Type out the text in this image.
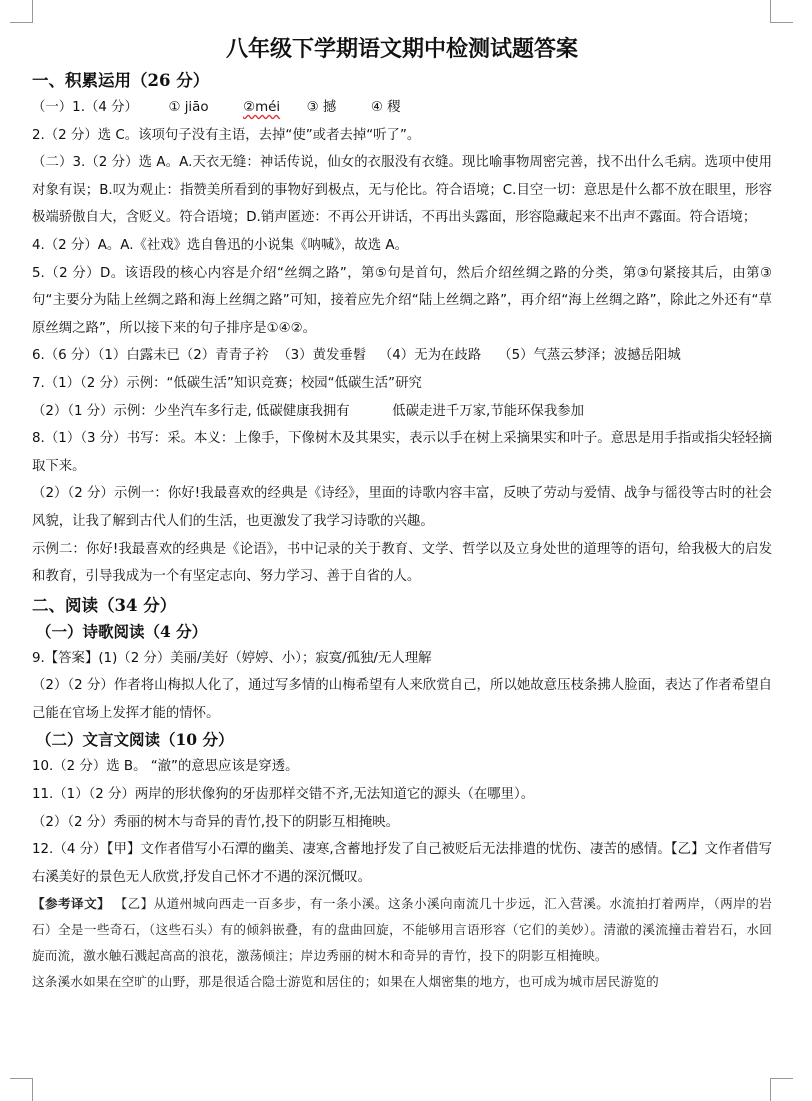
八年级下学期语文期中检测试题答案
一、积累运用（26 分）

（一）1.（4 分） ① jiāo	②méi ③ 撼	④ 稷

2.（2 分）选 C。该项句子没有主语，去掉“使”或者去掉“听了”。

（二）3.（2 分）选 A。A.天衣无缝：神话传说，仙女的衣服没有衣缝。现比喻事物周密完善，找不出什么毛病。选项中使用对象有误；B.叹为观止：指赞美所看到的事物好到极点，无与伦比。符合语境；C.目空一切：意思是什么都不放在眼里，形容极端骄傲自大，含贬义。符合语境；D.销声匿迹：不再公开讲话，不再出头露面，形容隐藏起来不出声不露面。符合语境；

4.（2 分）A。A.《社戏》选自鲁迅的小说集《呐喊》，故选 A。

5.（2 分）D。该语段的核心内容是介绍“丝绸之路”，第⑤句是首句，然后介绍丝绸之路的分类，第③句紧接其后，由第③句“主要分为陆上丝绸之路和海上丝绸之路”可知，接着应先介绍“陆上丝绸之路”，再介绍“海上丝绸之路”，除此之外还有“草原丝绸之路”，所以接下来的句子排序是①④②。

6.（6 分）（1）白露未已（2）青青子衿  （3）黄发垂髫   （4）无为在歧路    （5）气蒸云梦泽；波撼岳阳城

7.（1）（2 分）示例：“低碳生活”知识竞赛；校园“低碳生活”研究

（2）（1 分）示例：少坐汽车多行走, 低碳健康我拥有          低碳走进千万家,节能环保我参加

8.（1）（3 分）书写：采。本义：上像手，下像树木及其果实，表示以手在树上采摘果实和叶子。意思是用手指或指尖轻轻摘取下来。

（2）（2 分）示例一：你好!我最喜欢的经典是《诗经》，里面的诗歌内容丰富，反映了劳动与爱情、战争与徭役等古时的社会风貌，让我了解到古代人们的生活，也更激发了我学习诗歌的兴趣。

示例二：你好!我最喜欢的经典是《论语》，书中记录的关于教育、文学、哲学以及立身处世的道理等的语句，给我极大的启发和教育，引导我成为一个有坚定志向、努力学习、善于自省的人。

二、阅读（34 分）
（一）诗歌阅读（4 分）

9.【答案】(1)（2 分）美丽/美好（婷婷、小）；寂寞/孤独/无人理解

（2）（2 分）作者将山梅拟人化了，通过写多情的山梅希望有人来欣赏自己，所以她故意压枝条拂人脸面，表达了作者希望自己能在官场上发挥才能的情怀。

（二）文言文阅读（10 分）

10.（2 分）选 B。 “澈”的意思应该是穿透。

11.（1）（2 分）两岸的形状像狗的牙齿那样交错不齐,无法知道它的源头（在哪里）。

（2）（2 分）秀丽的树木与奇异的青竹,投下的阴影互相掩映。

12.（4 分）【甲】文作者借写小石潭的幽美、凄寒,含蓄地抒发了自己被贬后无法排遣的忧伤、凄苦的感情。【乙】文作者借写右溪美好的景色无人欣赏,抒发自己怀才不遇的深沉慨叹。

【参考译文】 【乙】从道州城向西走一百多步，有一条小溪。这条小溪向南流几十步远，汇入营溪。水流拍打着两岸，（两岸的岩石）全是一些奇石，（这些石头）有的倾斜嵌叠，有的盘曲回旋，不能够用言语形容（它们的美妙）。清澈的溪流撞击着岩石，水回旋而流，激水触石溅起高高的浪花，激荡倾注；岸边秀丽的树木和奇异的青竹，投下的阴影互相掩映。

这条溪水如果在空旷的山野，那是很适合隐士游览和居住的；如果在人烟密集的地方，也可成为城市居民游览的
